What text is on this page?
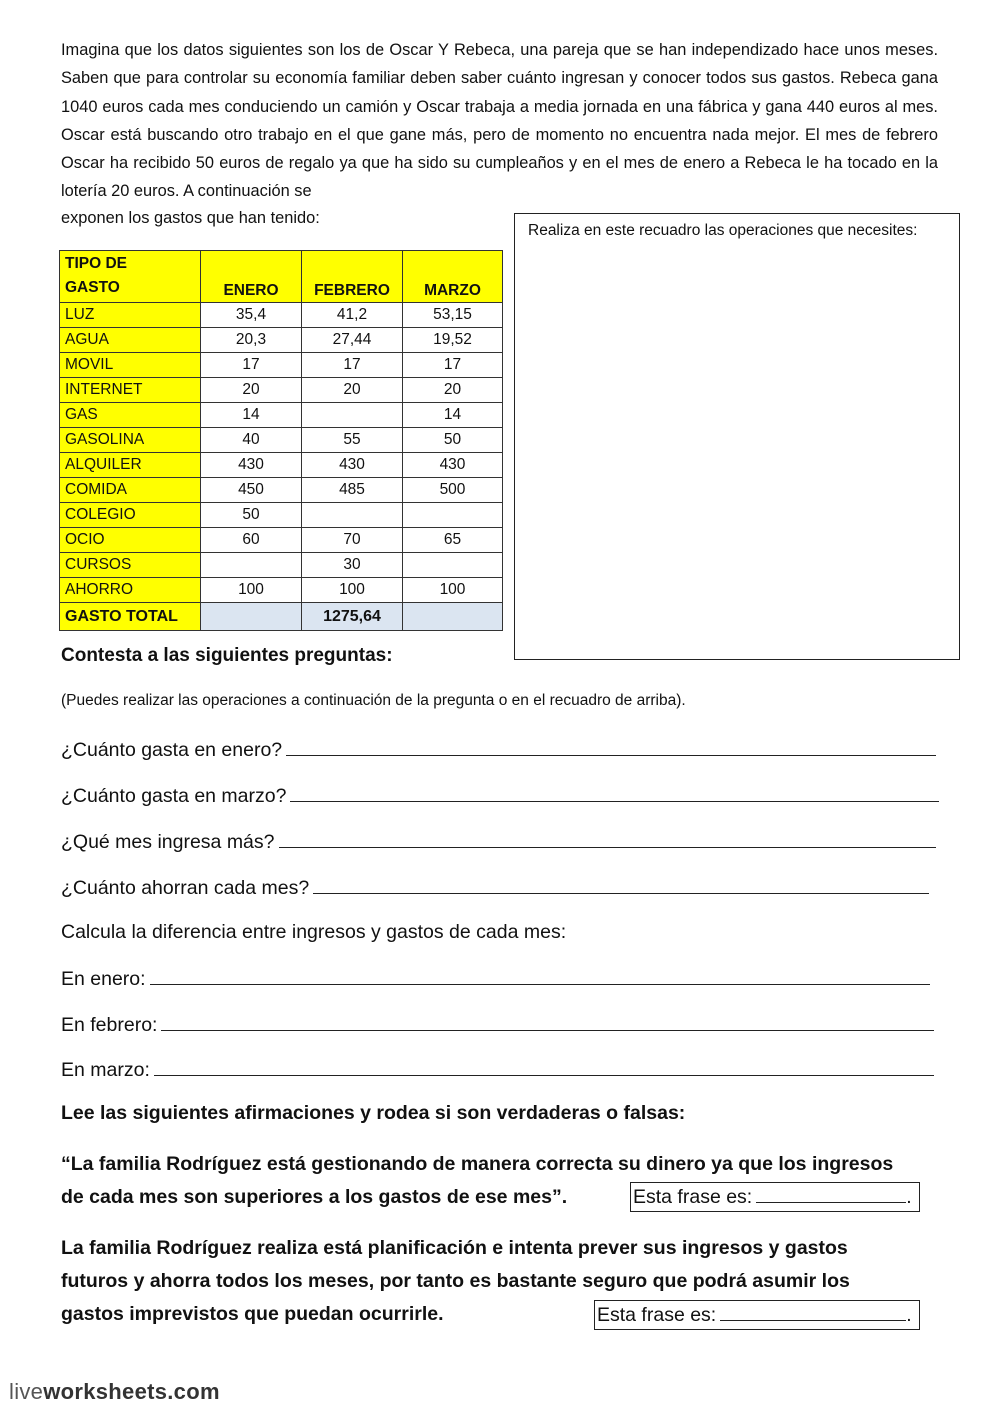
Imagina que los datos siguientes son los de Oscar Y Rebeca, una pareja que se han independizado hace unos meses. Saben que para controlar su economía familiar deben saber cuánto ingresan y conocer todos sus gastos. Rebeca gana 1040 euros cada mes conduciendo un camión y Oscar trabaja a media jornada en una fábrica y gana 440 euros al mes. Oscar está buscando otro trabajo en el que gane más, pero de momento no encuentra nada mejor. El mes de febrero Oscar ha recibido 50 euros de regalo ya que ha sido su cumpleaños y en el mes de enero a Rebeca le ha tocado en la lotería 20 euros. A continuación se

exponen los gastos que han tenido:
Realiza en este recuadro las operaciones que necesites:
TIPO DE
GASTO	ENERO	FEBRERO	MARZO
LUZ	35,4	41,2	53,15
AGUA	20,3	27,44	19,52
MOVIL	17	17	17
INTERNET	20	20	20
GAS	14		14
GASOLINA	40	55	50
ALQUILER	430	430	430
COMIDA	450	485	500
COLEGIO	50		
OCIO	60	70	65
CURSOS		30	
AHORRO	100	100	100
GASTO TOTAL		1275,64	
Contesta a las siguientes preguntas:
(Puedes realizar las operaciones a continuación de la pregunta o en el recuadro de arriba).
¿Cuánto gasta en enero?
¿Cuánto gasta en marzo?
¿Qué mes ingresa más?
¿Cuánto ahorran cada mes?
Calcula la diferencia entre ingresos y gastos de cada mes:
En enero:
En febrero:
En marzo:
Lee las siguientes afirmaciones y rodea si son verdaderas o falsas:
“La familia Rodríguez está gestionando de manera correcta su dinero ya que los ingresos
de cada mes son superiores a los gastos de ese mes”.	Esta frase es:	.
La familia Rodríguez realiza está planificación e intenta prever sus ingresos y gastos
futuros y ahorra todos los meses, por tanto es bastante seguro que podrá asumir los
gastos imprevistos que puedan ocurrirle.	Esta frase es:	.
liveworksheets.com
